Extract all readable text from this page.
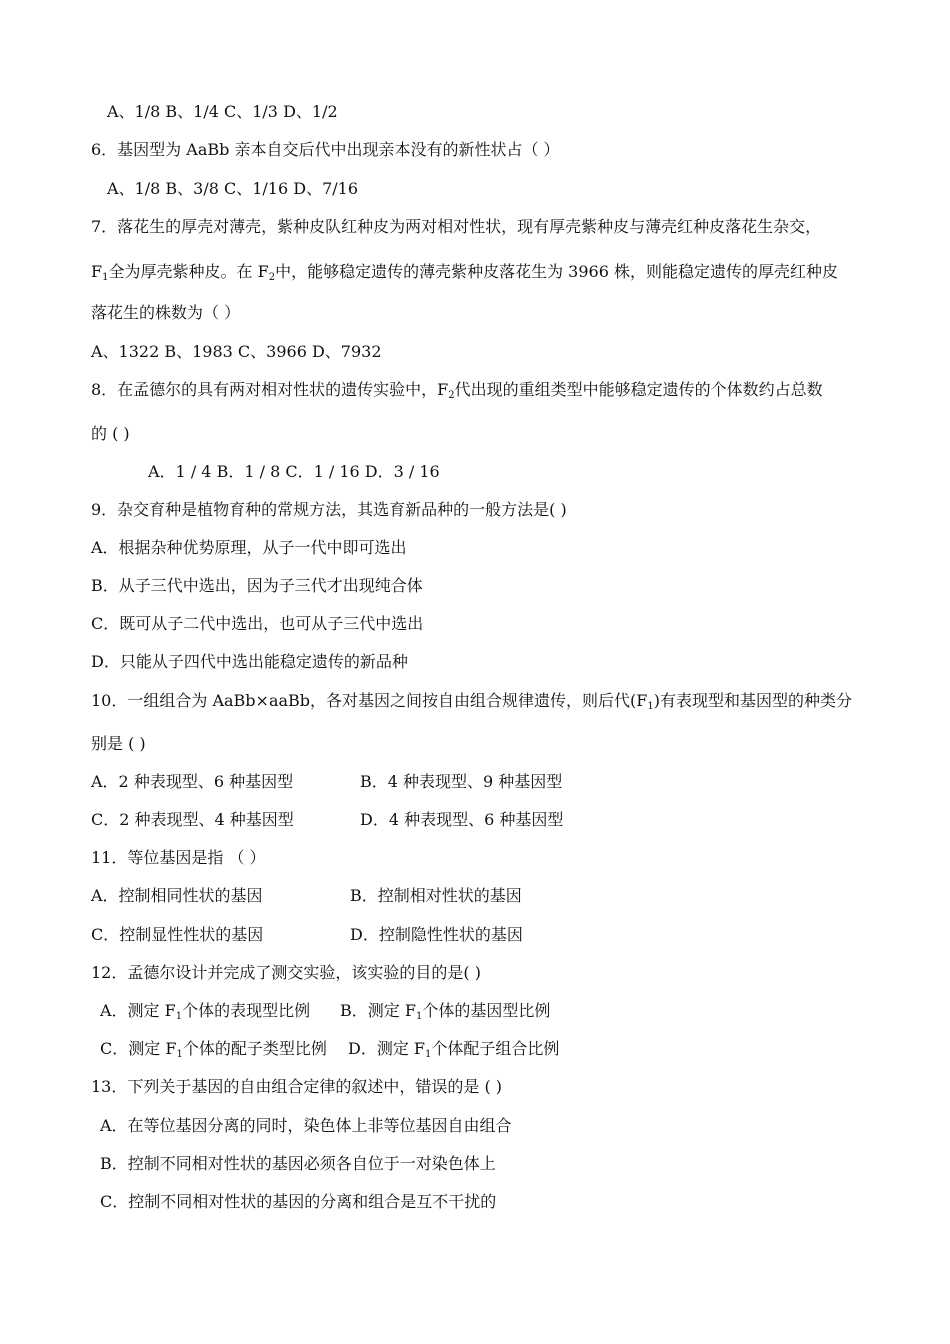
A、1/8 B、1/4 C、1/3 D、1/2
6．基因型为 AaBb 亲本自交后代中出现亲本没有的新性状占（ ）
A、1/8 B、3/8 C、1/16 D、7/16
7．落花生的厚壳对薄壳，紫种皮队红种皮为两对相对性状，现有厚壳紫种皮与薄壳红种皮落花生杂交，
$F_1$全为厚壳紫种皮。在 $F_2$中，能够稳定遗传的薄壳紫种皮落花生为 3966 株，则能稳定遗传的厚壳红种皮
落花生的株数为（ ）
A、1322 B、1983 C、3966 D、7932
8．在孟德尔的具有两对相对性状的遗传实验中，$F_2$代出现的重组类型中能够稳定遗传的个体数约占总数
的 ( )
A．1 / 4 B．1 / 8 C．1 / 16 D．3 / 16
9．杂交育种是植物育种的常规方法，其选育新品种的一般方法是( )
A．根据杂种优势原理，从子一代中即可选出
B．从子三代中选出，因为子三代才出现纯合体
C．既可从子二代中选出，也可从子三代中选出
D．只能从子四代中选出能稳定遗传的新品种
10．一组组合为 AaBb×aaBb，各对基因之间按自由组合规律遗传，则后代$(F_1)$有表现型和基因型的种类分
别是 ( )
A．2 种表现型、6 种基因型	B．4 种表现型、9 种基因型
C．2 种表现型、4 种基因型	D．4 种表现型、6 种基因型
11．等位基因是指 （ ）
A．控制相同性状的基因	B．控制相对性状的基因
C．控制显性性状的基因	D．控制隐性性状的基因
12．孟德尔设计并完成了测交实验，该实验的目的是( )
A．测定 $F_1$个体的表现型比例 B．测定 $F_1$个体的基因型比例
C．测定 $F_1$个体的配子类型比例 D．测定 $F_1$个体配子组合比例
13．下列关于基因的自由组合定律的叙述中，错误的是 ( )
A．在等位基因分离的同时，染色体上非等位基因自由组合
B．控制不同相对性状的基因必须各自位于一对染色体上
C．控制不同相对性状的基因的分离和组合是互不干扰的
